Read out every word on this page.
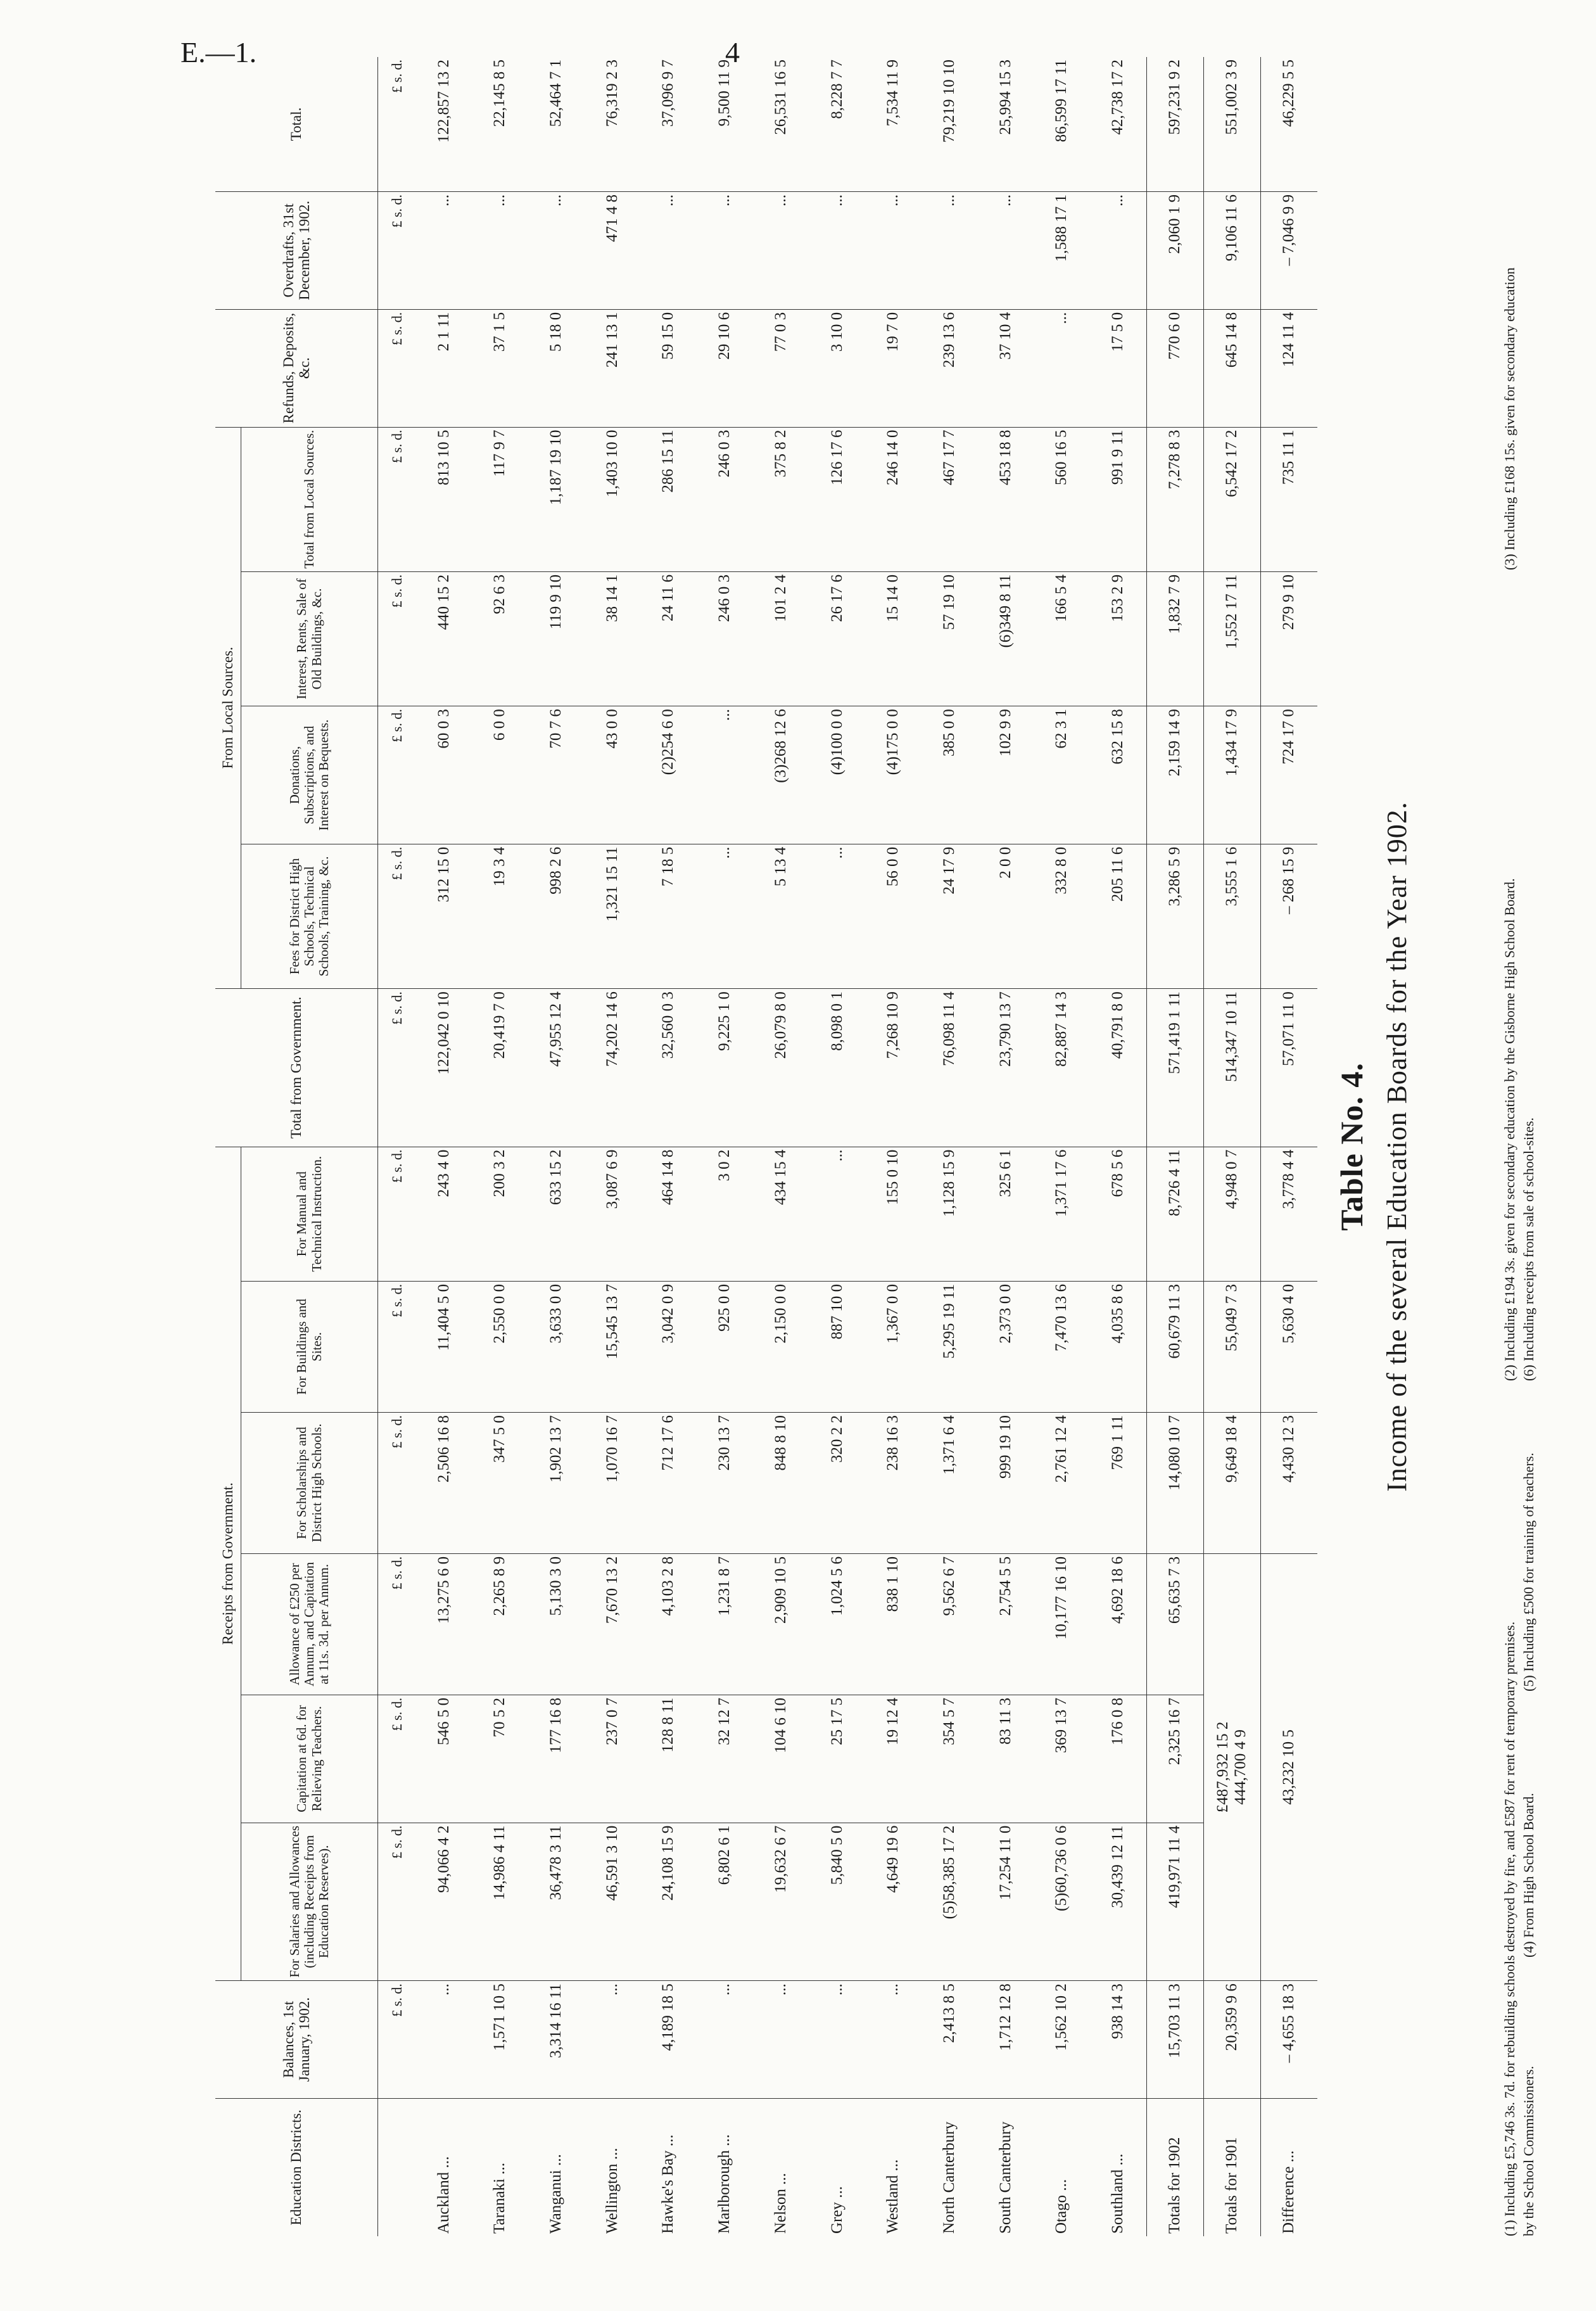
E.—1.	4
Education Districts.	Balances, 1st January, 1902.	Receipts from Government.						Total from Government.	From Local Sources.				Refunds, Deposits, &c.	Overdrafts, 31st December, 1902.	Total.
		For Salaries and Allowances (including Receipts from Education Reserves).	Capitation at 6d. for Relieving Teachers.	Allowance of £250 per Annum, and Capitation at 11s. 3d. per Annum.	For Scholarships and District High Schools.	For Buildings and Sites.	For Manual and Technical Instruction.		Fees for District High Schools, Technical Schools, Training, &c.	Donations, Subscriptions, and Interest on Bequests.	Interest, Rents, Sale of Old Buildings, &c.	Total from Local Sources.			
	£ s. d.	£ s. d.	£ s. d.	£ s. d.	£ s. d.	£ s. d.	£ s. d.	£ s. d.	£ s. d.	£ s. d.	£ s. d.	£ s. d.	£ s. d.	£ s. d.	£ s. d.
Auckland ...	...	94,066 4 2	546 5 0	13,275 6 0	2,506 16 8	11,404 5 0	243 4 0	122,042 0 10	312 15 0	60 0 3	440 15 2	813 10 5	2 1 11	...	122,857 13 2
Taranaki ...	1,571 10 5	14,986 4 11	70 5 2	2,265 8 9	347 5 0	2,550 0 0	200 3 2	20,419 7 0	19 3 4	6 0 0	92 6 3	117 9 7	37 1 5	...	22,145 8 5
Wanganui ...	3,314 16 11	36,478 3 11	177 16 8	5,130 3 0	1,902 13 7	3,633 0 0	633 15 2	47,955 12 4	998 2 6	70 7 6	119 9 10	1,187 19 10	5 18 0	...	52,464 7 1
Wellington ...	...	46,591 3 10	237 0 7	7,670 13 2	1,070 16 7	15,545 13 7	3,087 6 9	74,202 14 6	1,321 15 11	43 0 0	38 14 1	1,403 10 0	241 13 1	471 4 8	76,319 2 3
Hawke's Bay ...	4,189 18 5	24,108 15 9	128 8 11	4,103 2 8	712 17 6	3,042 0 9	464 14 8	32,560 0 3	7 18 5	(2)254 6 0	24 11 6	286 15 11	59 15 0	...	37,096 9 7
Marlborough ...	...	6,802 6 1	32 12 7	1,231 8 7	230 13 7	925 0 0	3 0 2	9,225 1 0	...	...	246 0 3	246 0 3	29 10 6	...	9,500 11 9
Nelson ...	...	19,632 6 7	104 6 10	2,909 10 5	848 8 10	2,150 0 0	434 15 4	26,079 8 0	5 13 4	(3)268 12 6	101 2 4	375 8 2	77 0 3	...	26,531 16 5
Grey ...	...	5,840 5 0	25 17 5	1,024 5 6	320 2 2	887 10 0	...	8,098 0 1	...	(4)100 0 0	26 17 6	126 17 6	3 10 0	...	8,228 7 7
Westland ...	...	4,649 19 6	19 12 4	838 1 10	238 16 3	1,367 0 0	155 0 10	7,268 10 9	56 0 0	(4)175 0 0	15 14 0	246 14 0	19 7 0	...	7,534 11 9
North Canterbury	2,413 8 5	(5)58,385 17 2	354 5 7	9,562 6 7	1,371 6 4	5,295 19 11	1,128 15 9	76,098 11 4	24 17 9	385 0 0	57 19 10	467 17 7	239 13 6	...	79,219 10 10
South Canterbury	1,712 12 8	17,254 11 0	83 11 3	2,754 5 5	999 19 10	2,373 0 0	325 6 1	23,790 13 7	2 0 0	102 9 9	(6)349 8 11	453 18 8	37 10 4	...	25,994 15 3
Otago ...	1,562 10 2	(5)60,736 0 6	369 13 7	10,177 16 10	2,761 12 4	7,470 13 6	1,371 17 6	82,887 14 3	332 8 0	62 3 1	166 5 4	560 16 5	...	1,588 17 1	86,599 17 11
Southland ...	938 14 3	30,439 12 11	176 0 8	4,692 18 6	769 1 11	4,035 8 6	678 5 6	40,791 8 0	205 11 6	632 15 8	153 2 9	991 9 11	17 5 0	...	42,738 17 2
Totals for 1902	15,703 11 3	419,971 11 4	2,325 16 7	65,635 7 3	14,080 10 7	60,679 11 3	8,726 4 11	571,419 1 11	3,286 5 9	2,159 14 9	1,832 7 9	7,278 8 3	770 6 0	2,060 1 9	597,231 9 2
Totals for 1901	20,359 9 6	£487,932 15 2 444,700 4 9			9,649 18 4	55,049 7 3	4,948 0 7	514,347 10 11	3,555 1 6	1,434 17 9	1,552 17 11	6,542 17 2	645 14 8	9,106 11 6	551,002 3 9
Difference ...	– 4,655 18 3	43,232 10 5			4,430 12 3	5,630 4 0	3,778 4 4	57,071 11 0	– 268 15 9	724 17 0	279 9 10	735 11 1	124 11 4	– 7,046 9 9	46,229 5 5
Table No. 4. Income of the several Education Boards for the Year 1902.
(1) Including £5,746 3s. 7d. for rebuilding schools destroyed by fire, and £587 for rent of temporary premises.
(2) Including £194 3s. given for secondary education by the Gisborne High School Board.
(3) Including £168 15s. given for secondary education
by the School Commissioners.
(4) From High School Board.
(5) Including £500 for training of teachers.
(6) Including receipts from sale of school-sites.
